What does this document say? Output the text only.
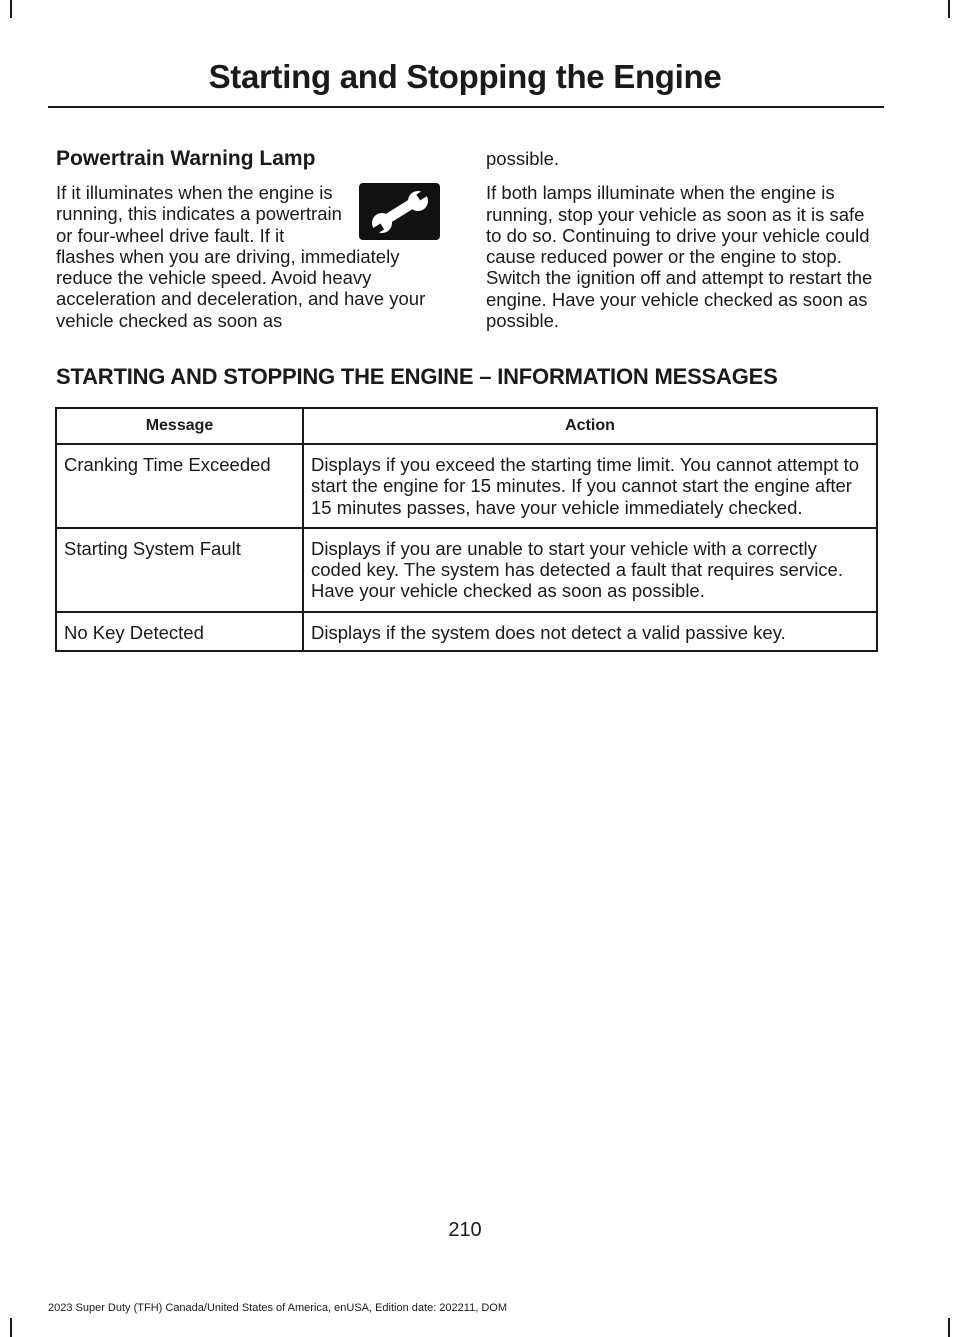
Starting and Stopping the Engine
Powertrain Warning Lamp

If it illuminates when the engine is running, this indicates a powertrain or four-wheel drive fault. If it flashes when you are driving, immediately reduce the vehicle speed. Avoid heavy acceleration and deceleration, and have your vehicle checked as soon as

possible.

If both lamps illuminate when the engine is running, stop your vehicle as soon as it is safe to do so. Continuing to drive your vehicle could cause reduced power or the engine to stop. Switch the ignition off and attempt to restart the engine. Have your vehicle checked as soon as possible.

STARTING AND STOPPING THE ENGINE – INFORMATION MESSAGES
Message	Action
Cranking Time Exceeded	Displays if you exceed the starting time limit. You cannot attempt to start the engine for 15 minutes. If you cannot start the engine after 15 minutes passes, have your vehicle immediately checked.
Starting System Fault	Displays if you are unable to start your vehicle with a correctly coded key. The system has detected a fault that requires service. Have your vehicle checked as soon as possible.
No Key Detected	Displays if the system does not detect a valid passive key.
210
2023 Super Duty (TFH) Canada/United States of America, enUSA, Edition date: 202211, DOM
